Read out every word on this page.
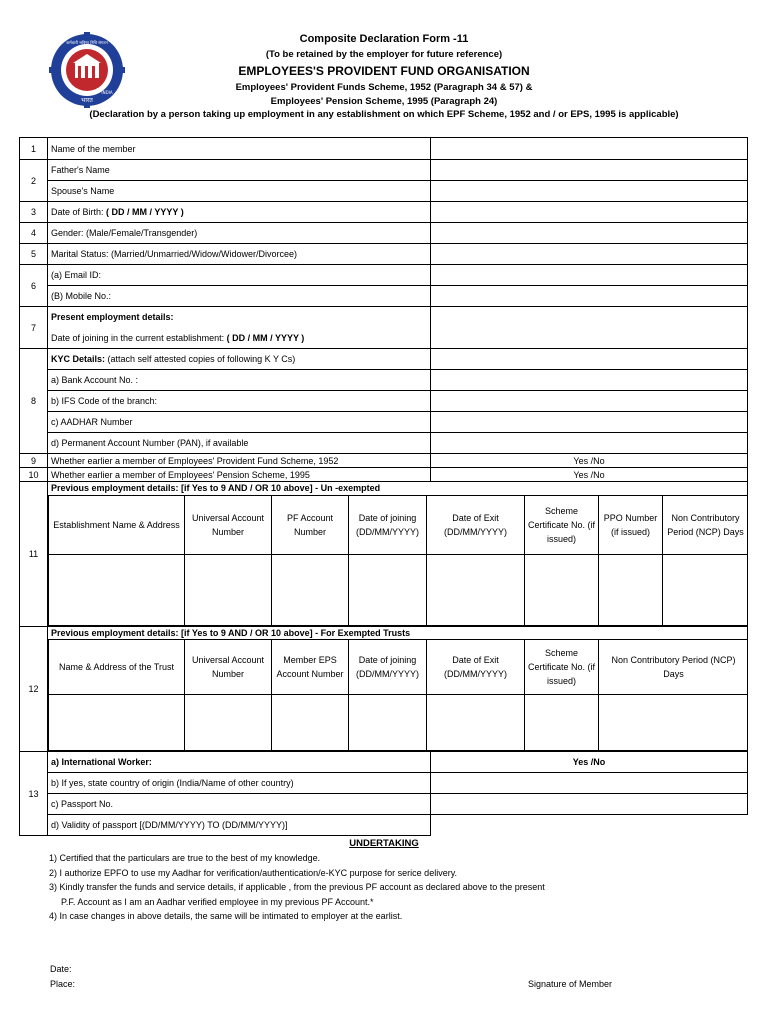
भारत
INDIA
कर्मचारी भविष्य निधि संगठन	Composite Declaration Form -11
(To be retained by the employer for future reference)
EMPLOYEES'S PROVIDENT FUND ORGANISATION
Employees' Provident Funds Scheme, 1952 (Paragraph 34 & 57) &
Employees' Pension Scheme, 1995 (Paragraph 24)
(Declaration by a person taking up employment in any establishment on which EPF Scheme, 1952 and / or EPS, 1995 is applicable)
1	Name of the member	
2	Father's Name	
Spouse's Name	
3	Date of Birth: ( DD / MM / YYYY )	
4	Gender: (Male/Female/Transgender)	
5	Marital Status: (Married/Unmarried/Widow/Widower/Divorcee)	
6	(a) Email ID:	
(B) Mobile No.:	
7	Present employment details:	
Date of joining in the current establishment: ( DD / MM / YYYY )
8	KYC Details: (attach self attested copies of following K Y Cs)	
a) Bank Account No. :	
b) IFS Code of the branch:	
c) AADHAR Number	
d) Permanent Account Number (PAN), if available	
9	Whether earlier a member of Employees' Provident Fund Scheme, 1952	Yes /No
10	Whether earlier a member of Employees' Pension Scheme, 1995	Yes /No
11	Previous employment details: [if Yes to 9 AND / OR 10 above] - Un -exempted

Establishment Name & Address	Universal Account Number	PF Account Number	Date of joining (DD/MM/YYYY)	Date of Exit (DD/MM/YYYY)	Scheme Certificate No. (if issued)	PPO Number (if issued)	Non Contributory Period (NCP) Days

12	Previous employment details: [if Yes to 9 AND / OR 10 above] - For Exempted Trusts

Name & Address of the Trust	Universal Account Number	Member EPS Account Number	Date of joining (DD/MM/YYYY)	Date of Exit (DD/MM/YYYY)	Scheme Certificate No. (if issued)	Non Contributory Period (NCP) Days

13	a) International Worker:	Yes /No
b) If yes, state country of origin (India/Name of other country)	
c) Passport No.	
d) Validity of passport [(DD/MM/YYYY) TO (DD/MM/YYYY)]	
UNDERTAKING
1) Certified that the particulars are true to the best of my knowledge.
2) I authorize EPFO to use my Aadhar for verification/authentication/e-KYC purpose for serice delivery.
3) Kindly transfer the funds and service details, if applicable , from the previous PF account as declared above to the present
P.F. Account as I am an Aadhar verified employee in my previous PF Account.*
4) In case changes in above details, the same will be intimated to employer at the earlist.
Date:
Place:	Signature of Member
